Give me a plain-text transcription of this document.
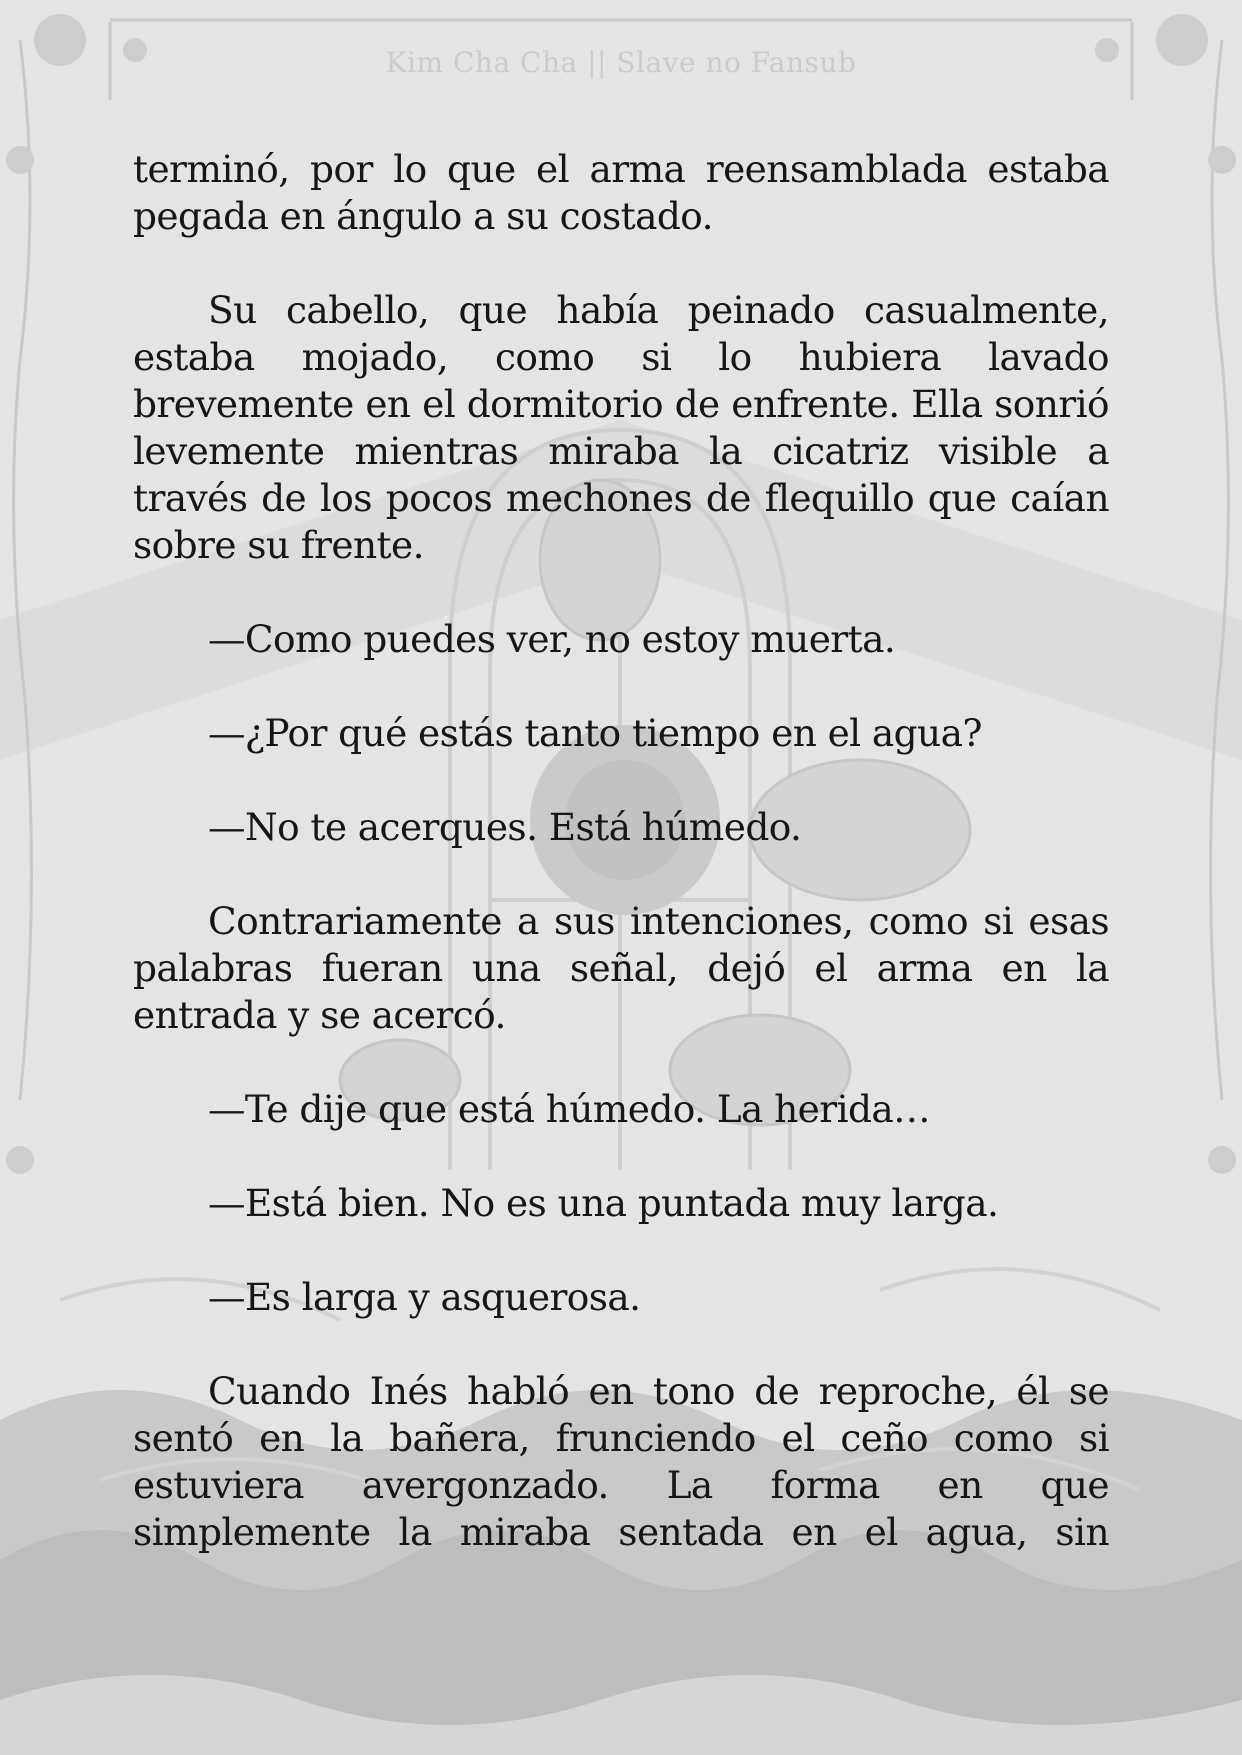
Kim Cha Cha || Slave no Fansub

terminó, por lo que el arma reensamblada estaba pegada en ángulo a su costado.

Su cabello, que había peinado casualmente, estaba mojado, como si lo hubiera lavado brevemente en el dormitorio de enfrente. Ella sonrió levemente mientras miraba la cicatriz visible a través de los pocos mechones de flequillo que caían sobre su frente.

—Como puedes ver, no estoy muerta.

—¿Por qué estás tanto tiempo en el agua?

—No te acerques. Está húmedo.

Contrariamente a sus intenciones, como si esas palabras fueran una señal, dejó el arma en la entrada y se acercó.

—Te dije que está húmedo. La herida…

—Está bien. No es una puntada muy larga.

—Es larga y asquerosa.

Cuando Inés habló en tono de reproche, él se sentó en la bañera, frunciendo el ceño como si estuviera avergonzado. La forma en que simplemente la miraba sentada en el agua, sin
